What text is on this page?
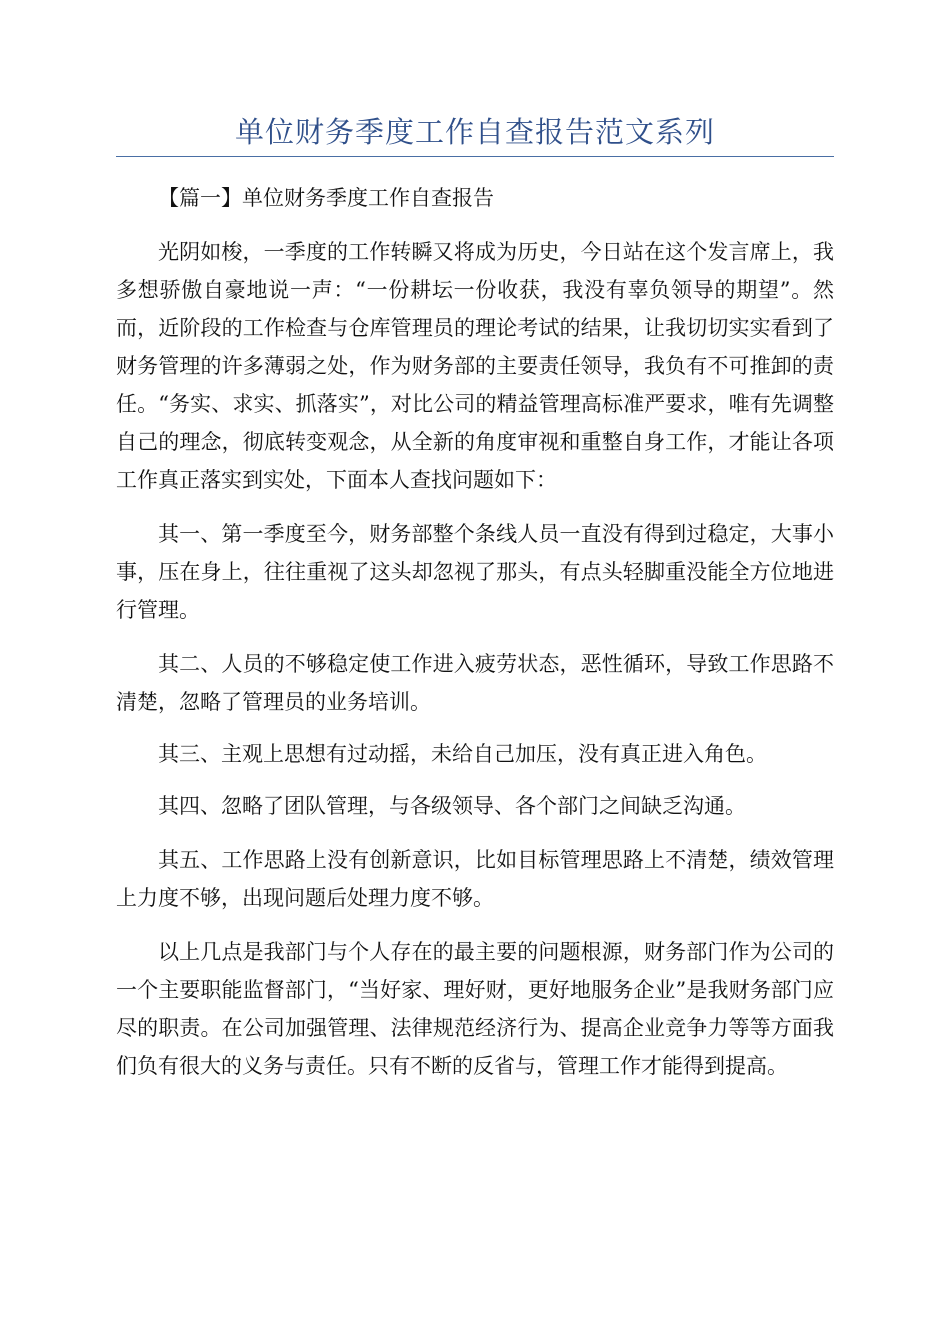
单位财务季度工作自查报告范文系列

【篇一】单位财务季度工作自查报告

光阴如梭，一季度的工作转瞬又将成为历史，今日站在这个发言席上，我多想骄傲自豪地说一声：“一份耕坛一份收获，我没有辜负领导的期望”。然而，近阶段的工作检查与仓库管理员的理论考试的结果，让我切切实实看到了财务管理的许多薄弱之处，作为财务部的主要责任领导，我负有不可推卸的责任。“务实、求实、抓落实”，对比公司的精益管理高标准严要求，唯有先调整自己的理念，彻底转变观念，从全新的角度审视和重整自身工作，才能让各项工作真正落实到实处，下面本人查找问题如下：

其一、第一季度至今，财务部整个条线人员一直没有得到过稳定，大事小事，压在身上，往往重视了这头却忽视了那头，有点头轻脚重没能全方位地进行管理。

其二、人员的不够稳定使工作进入疲劳状态，恶性循环，导致工作思路不清楚，忽略了管理员的业务培训。

其三、主观上思想有过动摇，未给自己加压，没有真正进入角色。

其四、忽略了团队管理，与各级领导、各个部门之间缺乏沟通。

其五、工作思路上没有创新意识，比如目标管理思路上不清楚，绩效管理上力度不够，出现问题后处理力度不够。

以上几点是我部门与个人存在的最主要的问题根源，财务部门作为公司的一个主要职能监督部门，“当好家、理好财，更好地服务企业”是我财务部门应尽的职责。在公司加强管理、法律规范经济行为、提高企业竞争力等等方面我们负有很大的义务与责任。只有不断的反省与，管理工作才能得到提高。
